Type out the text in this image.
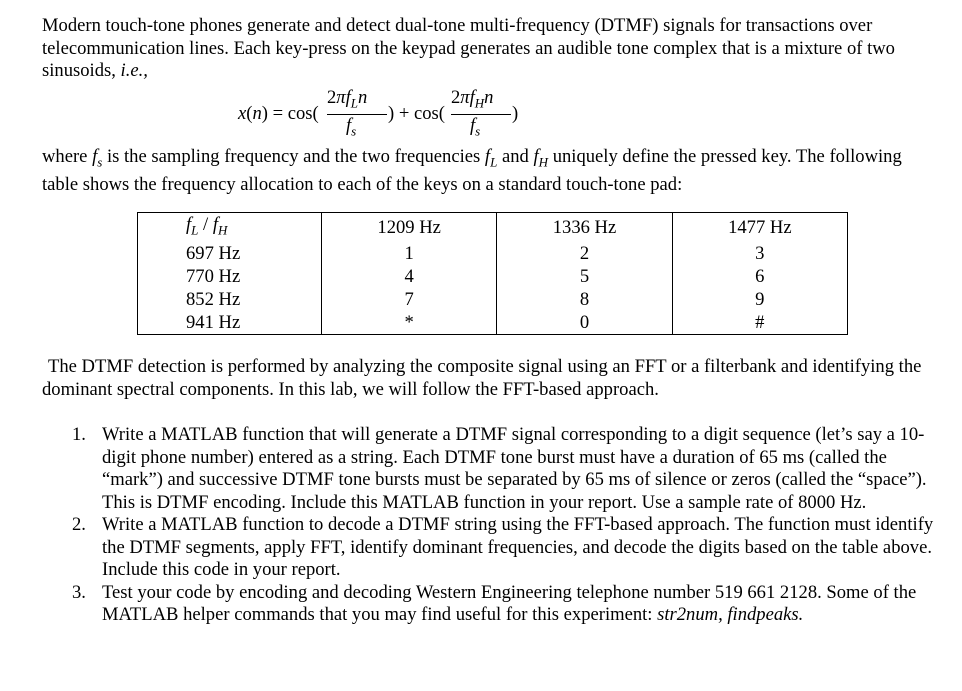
Modern touch-tone phones generate and detect dual-tone multi-frequency (DTMF) signals for transactions over telecommunication lines. Each key-press on the keypad generates an audible tone complex that is a mixture of two sinusoids, i.e.,

x(n) = cos(
$2\pi f_Ln$
$f_s$
) + cos(
$2\pi f_Hn$
$f_s$
)

where $f_s$ is the sampling frequency and the two frequencies $f_L$ and $f_H$ uniquely define the pressed key. The following table shows the frequency allocation to each of the keys on a standard touch-tone pad:

$f_L / f_H$	1209 Hz	1336 Hz	1477 Hz
697 Hz	1	2	3
770 Hz	4	5	6
852 Hz	7	8	9
941 Hz	*	0	#

The DTMF detection is performed by analyzing the composite signal using an FFT or a filterbank and identifying the dominant spectral components. In this lab, we will follow the FFT-based approach.

1. Write a MATLAB function that will generate a DTMF signal corresponding to a digit sequence (let’s say a 10-digit phone number) entered as a string. Each DTMF tone burst must have a duration of 65 ms (called the “mark”) and successive DTMF tone bursts must be separated by 65 ms of silence or zeros (called the “space”). This is DTMF encoding. Include this MATLAB function in your report. Use a sample rate of 8000 Hz.
2. Write a MATLAB function to decode a DTMF string using the FFT-based approach. The function must identify the DTMF segments, apply FFT, identify dominant frequencies, and decode the digits based on the table above. Include this code in your report.
3. Test your code by encoding and decoding Western Engineering telephone number 519 661 2128. Some of the MATLAB helper commands that you may find useful for this experiment: str2num, findpeaks.
